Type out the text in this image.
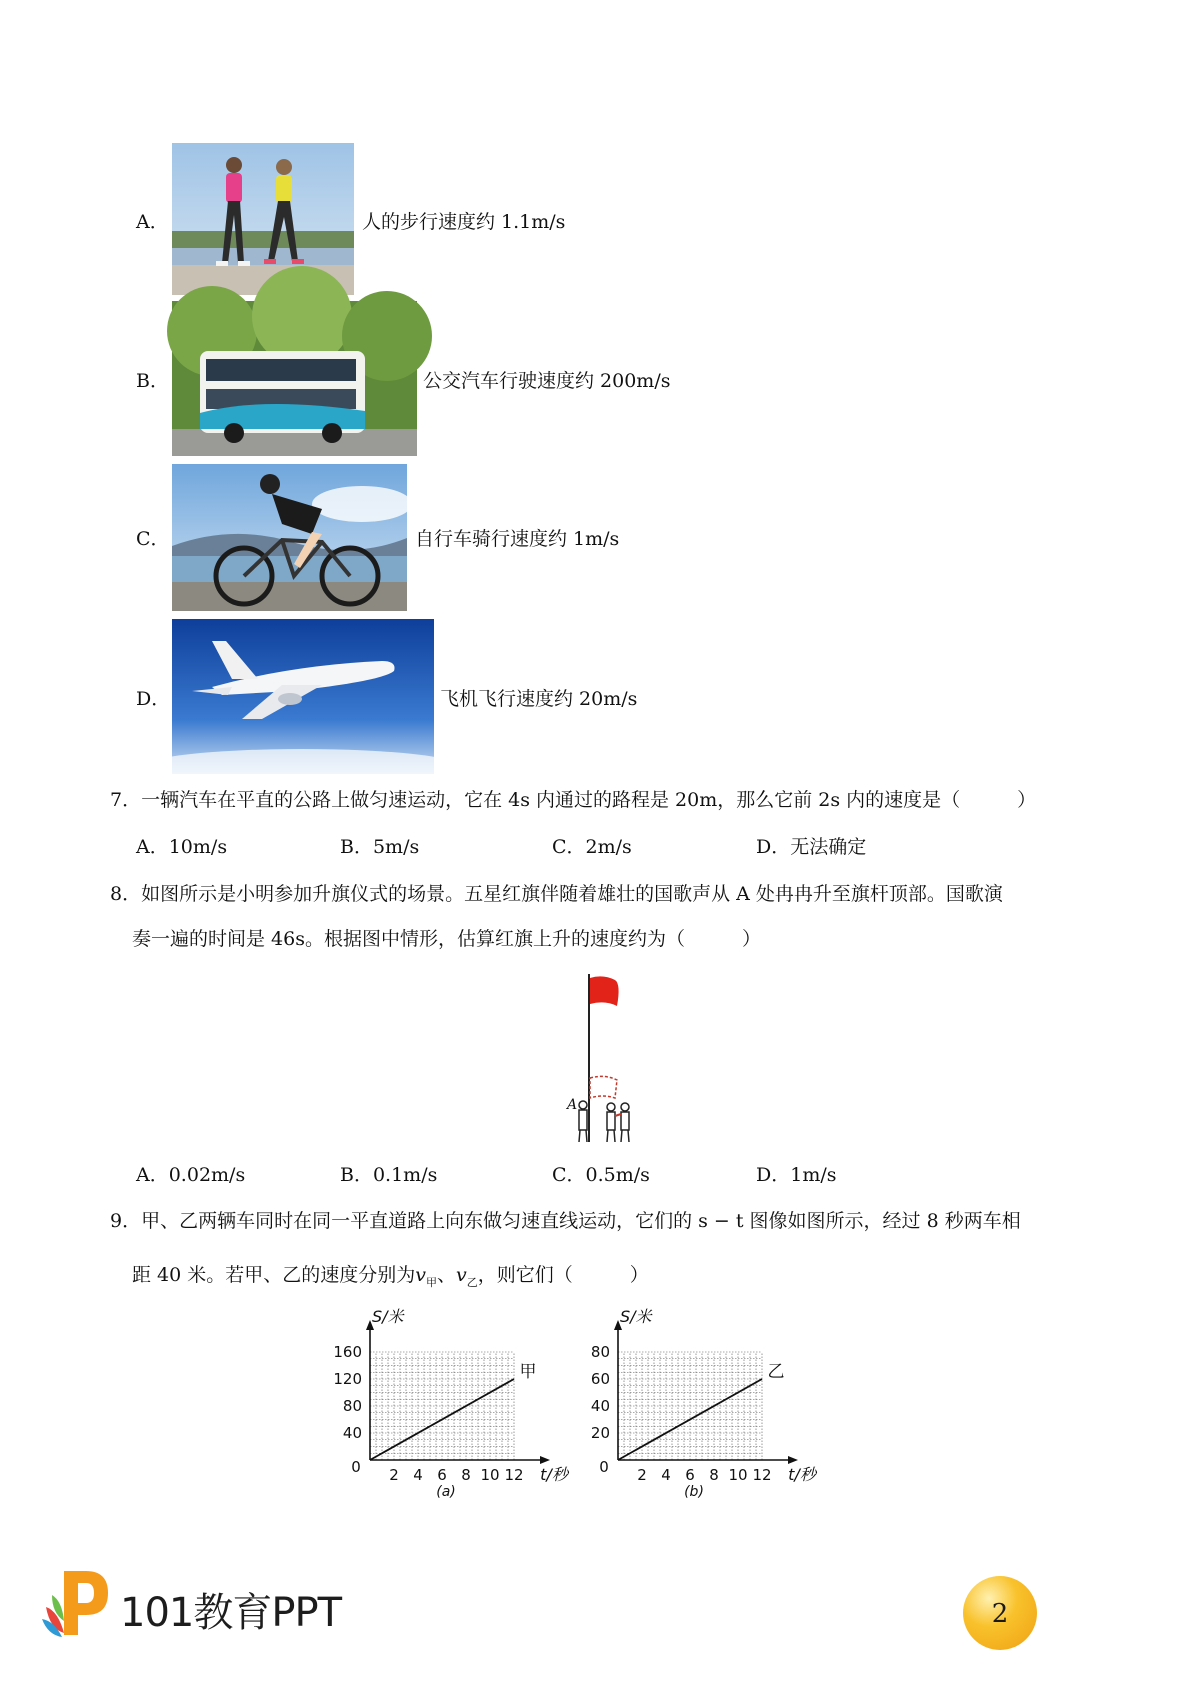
A．	人的步行速度约 1.1m/s
B．	公交汽车行驶速度约 200m/s
C．	自行车骑行速度约 1m/s
D．	飞机飞行速度约 20m/s
7．一辆汽车在平直的公路上做匀速运动，它在 4s 内通过的路程是 20m，那么它前 2s 内的速度是（　　　）
A．10m/s	B．5m/s	C．2m/s	D．无法确定
8．如图所示是小明参加升旗仪式的场景。五星红旗伴随着雄壮的国歌声从 A 处冉冉升至旗杆顶部。国歌演
奏一遍的时间是 46s。根据图中情形，估算红旗上升的速度约为（　　　）
A
A．0.02m/s	B．0.1m/s	C．0.5m/s	D．1m/s
9．甲、乙两辆车同时在同一平直道路上向东做匀速直线运动，它们的 s − t 图像如图所示，经过 8 秒两车相
距 40 米。若甲、乙的速度分别为$v_甲$、$v_乙$，则它们（　　　）
2 4 6 8 10 12
40
80
120
160
0
S/米
t/秒
(a)
甲
2 4 6 8 10 12
20
40
60
80
0
S/米
t/秒
(b)
乙
101教育PPT	2
